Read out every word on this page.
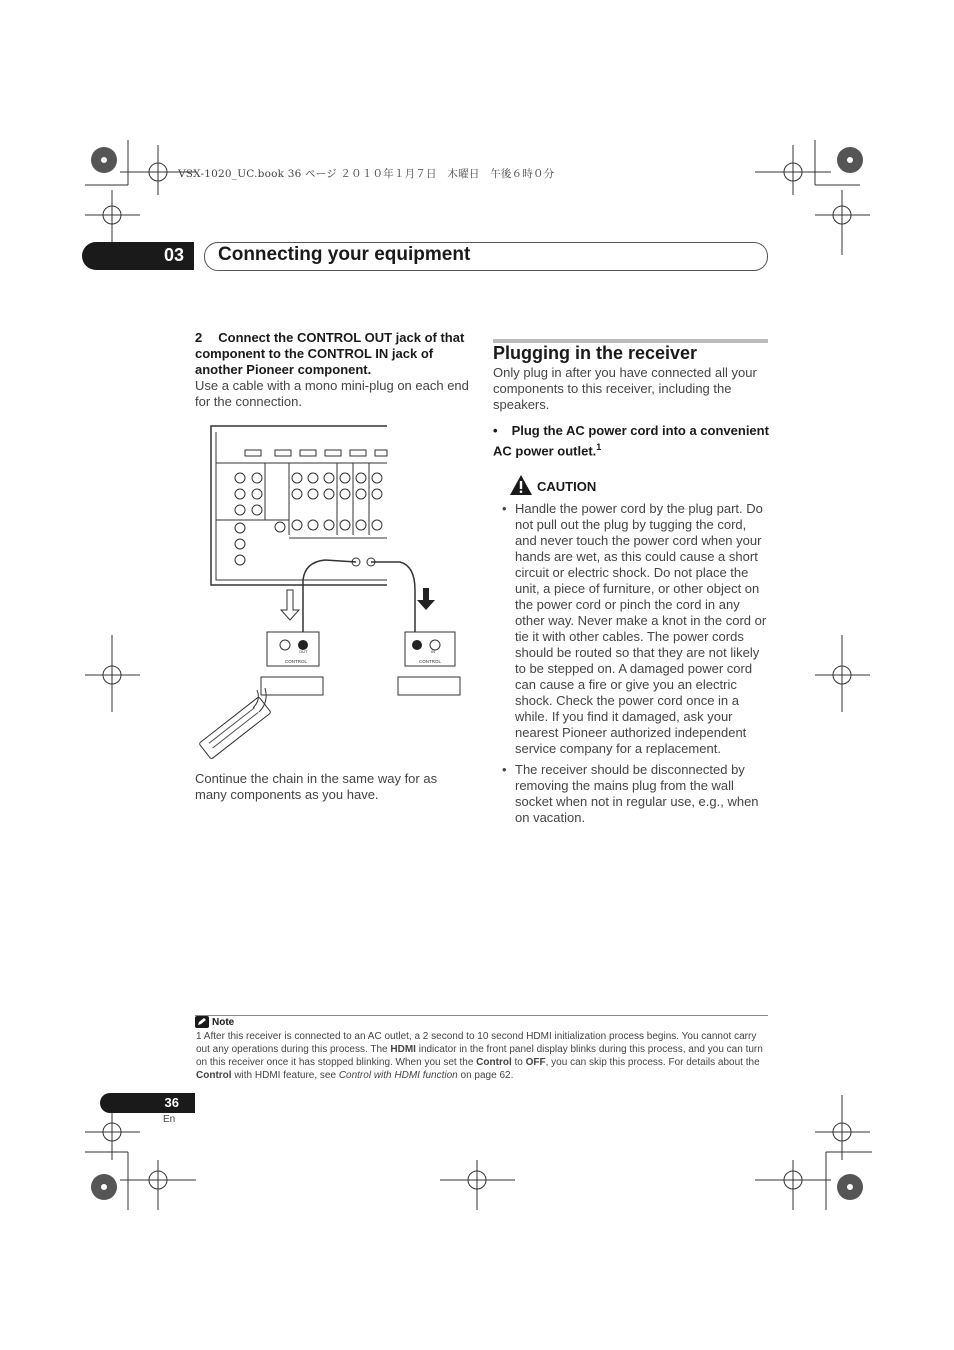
VSX-1020_UC.book 36 ページ ２０１０年１月７日　木曜日　午後６時０分
03 Connecting your equipment
2 Connect the CONTROL OUT jack of that component to the CONTROL IN jack of another Pioneer component.
Use a cable with a mono mini-plug on each end for the connection.
CONTROL	CONTROL
OUT	IN
Continue the chain in the same way for as many components as you have.
Plugging in the receiver
Only plug in after you have connected all your components to this receiver, including the speakers.
• Plug the AC power cord into a convenient AC power outlet.$^1$
CAUTION
• Handle the power cord by the plug part. Do not pull out the plug by tugging the cord, and never touch the power cord when your hands are wet, as this could cause a short circuit or electric shock. Do not place the unit, a piece of furniture, or other object on the power cord or pinch the cord in any other way. Never make a knot in the cord or tie it with other cables. The power cords should be routed so that they are not likely to be stepped on. A damaged power cord can cause a fire or give you an electric shock. Check the power cord once in a while. If you find it damaged, ask your nearest Pioneer authorized independent service company for a replacement.
• The receiver should be disconnected by removing the mains plug from the wall socket when not in regular use, e.g., when on vacation.
Note
1 After this receiver is connected to an AC outlet, a 2 second to 10 second HDMI initialization process begins. You cannot carry out any operations during this process. The HDMI indicator in the front panel display blinks during this process, and you can turn on this receiver once it has stopped blinking. When you set the Control to OFF, you can skip this process. For details about the Control with HDMI feature, see Control with HDMI function on page 62.
36
En
